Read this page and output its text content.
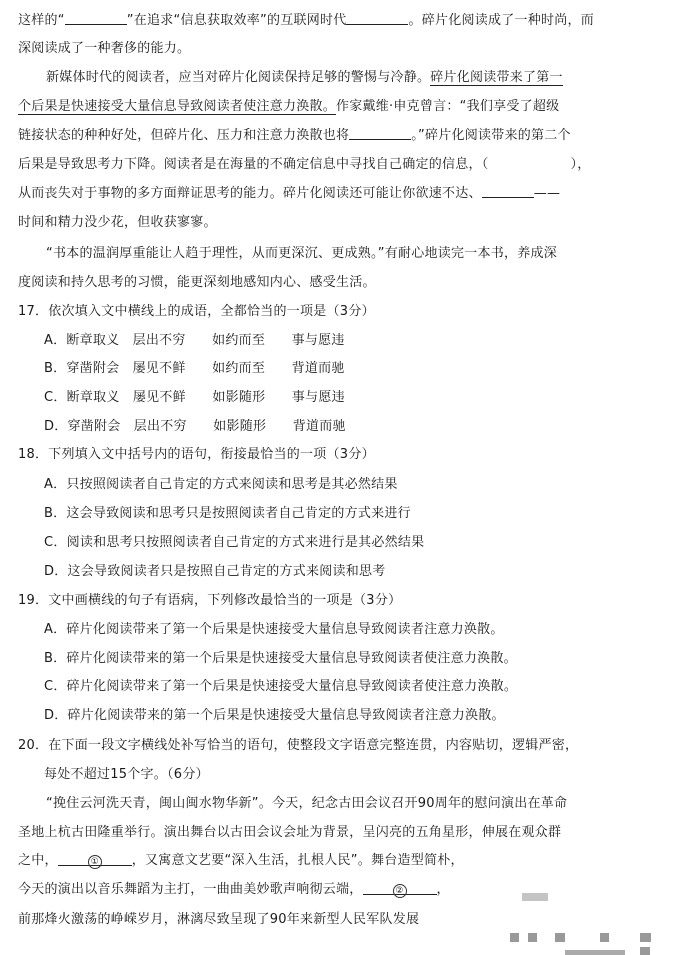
这样的“	”在追求“信息获取效率”的互联网时代	。碎片化阅读成了一种时尚，而
深阅读成了一种奢侈的能力。
新媒体时代的阅读者，应当对碎片化阅读保持足够的警惕与冷静。碎片化阅读带来了第一
个后果是快速接受大量信息导致阅读者使注意力涣散。作家戴维·申克曾言：“我们享受了超级
链接状态的种种好处，但碎片化、压力和注意力涣散也将	。”碎片化阅读带来的第二个
后果是导致思考力下降。阅读者是在海量的不确定信息中寻找自己确定的信息，（	），
从而丧失对于事物的多方面辩证思考的能力。碎片化阅读还可能让你欲速不达、	——
时间和精力没少花，但收获寥寥。
“书本的温润厚重能让人趋于理性，从而更深沉、更成熟。”有耐心地读完一本书，养成深
度阅读和持久思考的习惯，能更深刻地感知内心、感受生活。
17．依次填入文中横线上的成语，全都恰当的一项是（3分）
A．断章取义　层出不穷　　如约而至　　事与愿违
B．穿凿附会　屡见不鲜　　如约而至　　背道而驰
C．断章取义　屡见不鲜　　如影随形　　事与愿违
D．穿凿附会　层出不穷　　如影随形　　背道而驰
18．下列填入文中括号内的语句，衔接最恰当的一项（3分）
A．只按照阅读者自己肯定的方式来阅读和思考是其必然结果
B．这会导致阅读和思考只是按照阅读者自己肯定的方式来进行
C．阅读和思考只按照阅读者自己肯定的方式来进行是其必然结果
D．这会导致阅读者只是按照自己肯定的方式来阅读和思考
19．文中画横线的句子有语病，下列修改最恰当的一项是（3分）
A．碎片化阅读带来了第一个后果是快速接受大量信息导致阅读者注意力涣散。
B．碎片化阅读带来的第一个后果是快速接受大量信息导致阅读者使注意力涣散。
C．碎片化阅读带来了第一个后果是快速接受大量信息导致阅读者使注意力涣散。
D．碎片化阅读带来的第一个后果是快速接受大量信息导致阅读者注意力涣散。
20．在下面一段文字横线处补写恰当的语句，使整段文字语意完整连贯，内容贴切，逻辑严密，
每处不超过15个字。（6分）
“挽住云河洗天青，闽山闽水物华新”。今天，纪念古田会议召开90周年的慰问演出在革命
圣地上杭古田隆重举行。演出舞台以古田会议会址为背景，呈闪亮的五角星形，伸展在观众群
之中，	①	，又寓意文艺要“深入生活，扎根人民”。舞台造型简朴，
今天的演出以音乐舞蹈为主打，一曲曲美妙歌声响彻云端，	②	，
前那烽火激荡的峥嵘岁月，淋漓尽致呈现了90年来新型人民军队发展
